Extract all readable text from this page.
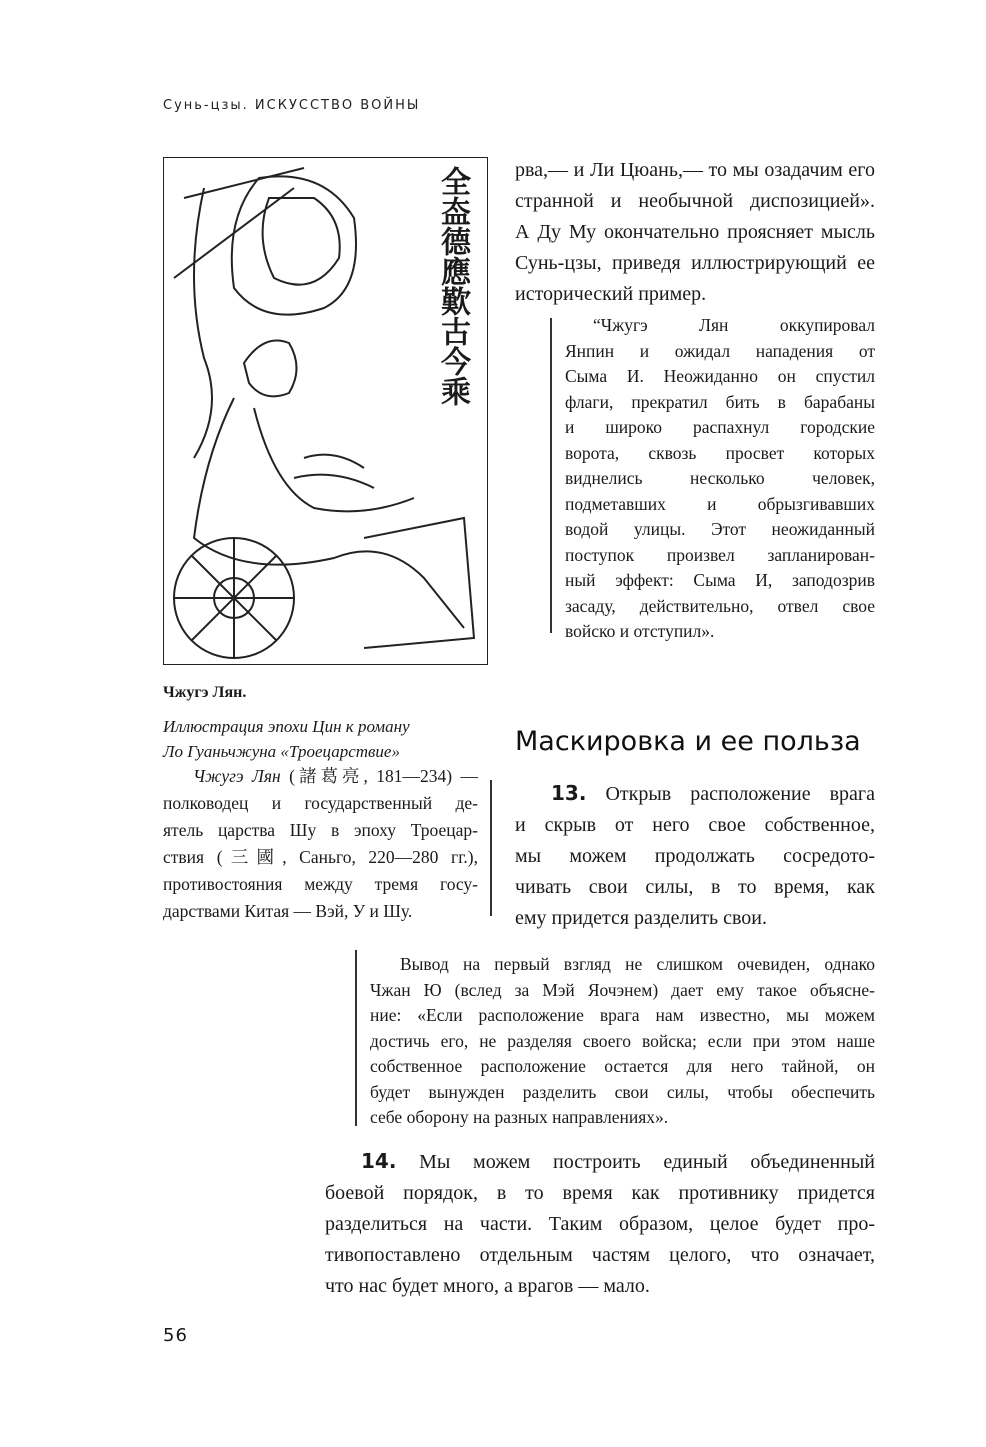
Сунь-цзы. ИСКУССТВО ВОЙНЫ
全盇德應歎古今乘 рва,— и Ли Цюань,— то мы озадачим его
странной и необычной диспозицией».
А Ду Му окончательно проясняет мысль
Сунь-цзы, приведя иллюстрирующий ее
исторический пример.
“Чжугэ Лян оккупировал
Янпин и ожидал нападения от
Сыма И. Неожиданно он спустил
флаги, прекратил бить в барабаны
и широко распахнул городские
ворота, сквозь просвет которых
виднелись несколько человек,
подметавших и обрызгивавших
водой улицы. Этот неожиданный
поступок произвел запланирован-
ный эффект: Сыма И, заподозрив
засаду, действительно, отвел свое
войско и отступил».
Чжугэ Лян.
Иллюстрация эпохи Цин к роману
Ло Гуаньчжуна «Троецарствие»	Маскировка и ее польза
13. Открыв расположение врага
и скрыв от него свое собственное,
мы можем продолжать сосредото-
чивать свои силы, в то время, как
ему придется разделить свои.
Чжугэ Лян (諸葛亮, 181—234) —
полководец и государственный де-
ятель царства Шу в эпоху Троецар-
ствия (三國, Саньго, 220—280 гг.),
противостояния между тремя госу-
дарствами Китая — Вэй, У и Шу.
Вывод на первый взгляд не слишком очевиден, однако
Чжан Ю (вслед за Мэй Яочэнем) дает ему такое объясне-
ние: «Если расположение врага нам известно, мы можем
достичь его, не разделяя своего войска; если при этом наше
собственное расположение остается для него тайной, он
будет вынужден разделить свои силы, чтобы обеспечить
себе оборону на разных направлениях».
14. Мы можем построить единый объединенный
боевой порядок, в то время как противнику придется
разделиться на части. Таким образом, целое будет про-
тивопоставлено отдельным частям целого, что означает,
что нас будет много, а врагов — мало.
56
